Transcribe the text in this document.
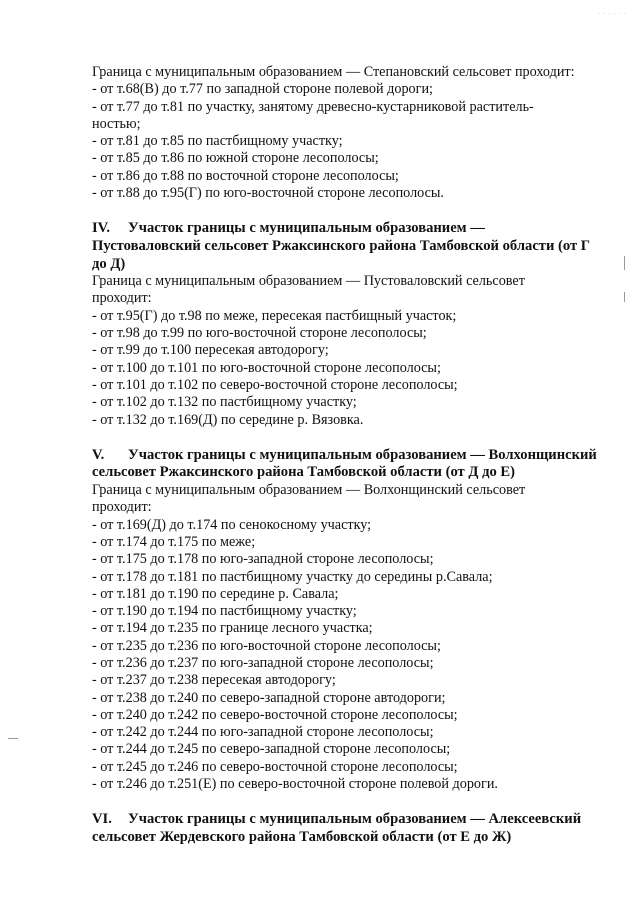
. . . . . .
Граница с муниципальным образованием — Степановский сельсовет проходит:
- от т.68(В) до т.77 по западной стороне полевой дороги;
- от т.77 до т.81 по участку, занятому древесно-кустарниковой раститель-
ностью;
- от т.81 до т.85 по пастбищному участку;
- от т.85 до т.86 по южной стороне лесополосы;
- от т.86 до т.88 по восточной стороне лесополосы;
- от т.88 до т.95(Г) по юго-восточной стороне лесополосы.
IV. Участок границы с муниципальным образованием —
Пустоваловский сельсовет Ржаксинского района Тамбовской области (от Г
до Д)
Граница с муниципальным образованием — Пустоваловский сельсовет
проходит:
- от т.95(Г) до т.98 по меже, пересекая пастбищный участок;
- от т.98 до т.99 по юго-восточной стороне лесополосы;
- от т.99 до т.100 пересекая автодорогу;
- от т.100 до т.101 по юго-восточной стороне лесополосы;
- от т.101 до т.102 по северо-восточной стороне лесополосы;
- от т.102 до т.132 по пастбищному участку;
- от т.132 до т.169(Д) по середине р. Вязовка.
V. Участок границы с муниципальным образованием — Волхонщинский
сельсовет Ржаксинского района Тамбовской области (от Д до Е)
Граница с муниципальным образованием — Волхонщинский сельсовет
проходит:
- от т.169(Д) до т.174 по сенокосному участку;
- от т.174 до т.175 по меже;
- от т.175 до т.178 по юго-западной стороне лесополосы;
- от т.178 до т.181 по пастбищному участку до середины р.Савала;
- от т.181 до т.190 по середине р. Савала;
- от т.190 до т.194 по пастбищному участку;
- от т.194 до т.235 по границе лесного участка;
- от т.235 до т.236 по юго-восточной стороне лесополосы;
- от т.236 до т.237 по юго-западной стороне лесополосы;
- от т.237 до т.238 пересекая автодорогу;
- от т.238 до т.240 по северо-западной стороне автодороги;
- от т.240 до т.242 по северо-восточной стороне лесополосы;
- от т.242 до т.244 по юго-западной стороне лесополосы;
- от т.244 до т.245 по северо-западной стороне лесополосы;
- от т.245 до т.246 по северо-восточной стороне лесополосы;
- от т.246 до т.251(Е) по северо-восточной стороне полевой дороги.
VI. Участок границы с муниципальным образованием — Алексеевский
сельсовет Жердевского района Тамбовской области (от Е до Ж)
